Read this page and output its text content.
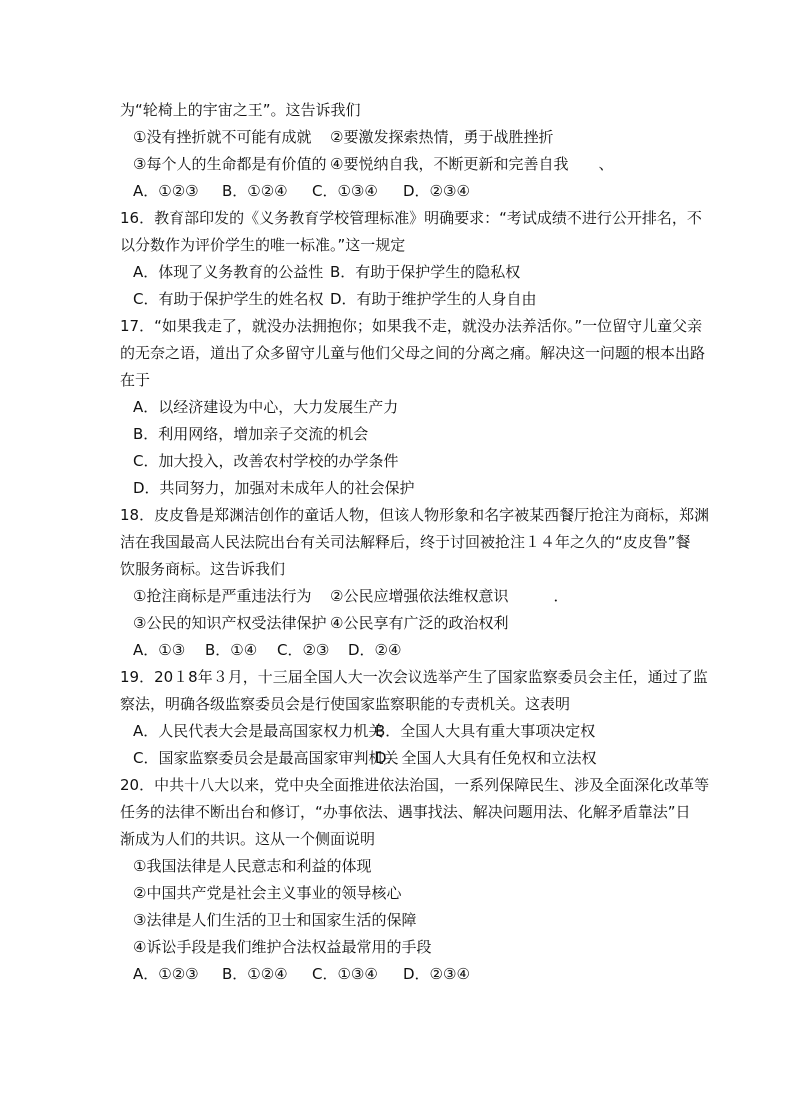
为“轮椅上的宇宙之王”。这告诉我们
①没有挫折就不可能有成就 ②要激发探索热情，勇于战胜挫折
③每个人的生命都是有价值的 ④要悦纳自我，不断更新和完善自我　　、
A．①②③ B．①②④ C．①③④ D．②③④
16．教育部印发的《义务教育学校管理标准》明确要求：“考试成绩不进行公开排名，不
以分数作为评价学生的唯一标准。”这一规定
A．体现了义务教育的公益性 B．有助于保护学生的隐私权
C．有助于保护学生的姓名权 D．有助于维护学生的人身自由
17．“如果我走了，就没办法拥抱你；如果我不走，就没办法养活你。”一位留守儿童父亲
的无奈之语，道出了众多留守儿童与他们父母之间的分离之痛。解决这一问题的根本出路
在于
A．以经济建设为中心，大力发展生产力
B．利用网络，增加亲子交流的机会
C．加大投入，改善农村学校的办学条件
D．共同努力，加强对未成年人的社会保护
18．皮皮鲁是郑渊洁创作的童话人物，但该人物形象和名字被某西餐厅抢注为商标，郑渊
洁在我国最高人民法院出台有关司法解释后，终于讨回被抢注１４年之久的“皮皮鲁”餐
饮服务商标。这告诉我们
①抢注商标是严重违法行为 ②公民应增强依法维权意识　　　．
③公民的知识产权受法律保护 ④公民享有广泛的政治权利
A．①③ B．①④ C．②③ D．②④
19．20１8年３月，十三届全国人大一次会议选举产生了国家监察委员会主任，通过了监
察法，明确各级监察委员会是行使国家监察职能的专责机关。这表明
A．人民代表大会是最高国家权力机关
B．全国人大具有重大事项决定权
C．国家监察委员会是最高国家审判机关
D．全国人大具有任免权和立法权
20．中共十八大以来，党中央全面推进依法治国，一系列保障民生、涉及全面深化改革等
任务的法律不断出台和修订，“办事依法、遇事找法、解决问题用法、化解矛盾靠法”日
渐成为人们的共识。这从一个侧面说明
①我国法律是人民意志和利益的体现
②中国共产党是社会主义事业的领导核心
③法律是人们生活的卫士和国家生活的保障
④诉讼手段是我们维护合法权益最常用的手段
A．①②③ B．①②④ C．①③④ D．②③④
